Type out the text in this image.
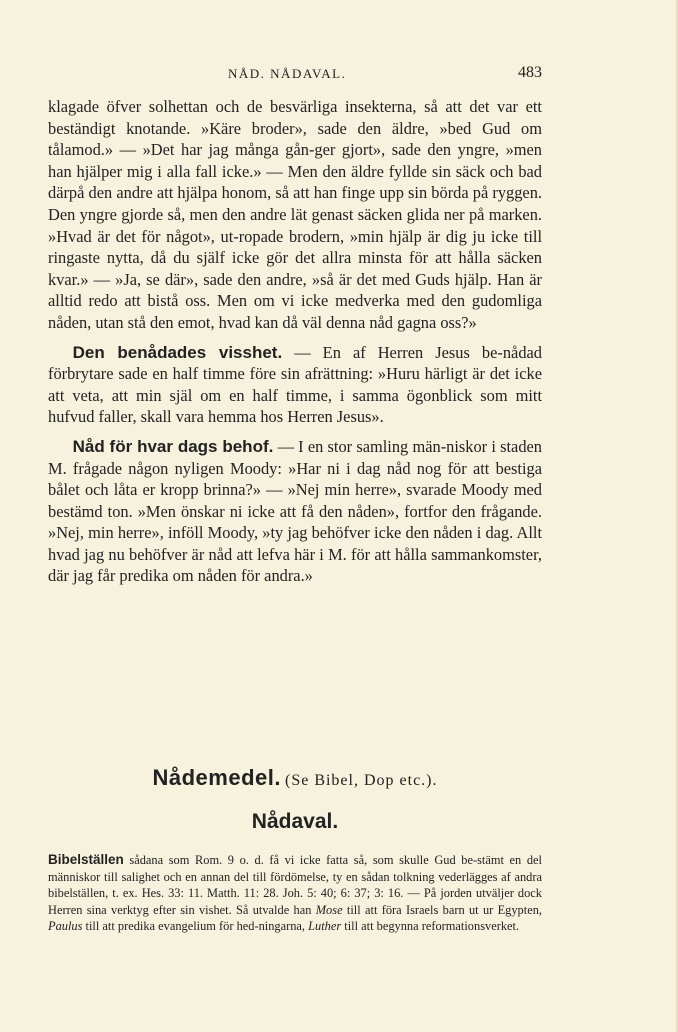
NÅD. NÅDAVAL.	483

klagade öfver solhettan och de besvärliga insekterna, så att det var ett beständigt knotande. »Käre broder», sade den äldre, »bed Gud om tålamod.» — »Det har jag många gån-ger gjort», sade den yngre, »men han hjälper mig i alla fall icke.» — Men den äldre fyllde sin säck och bad därpå den andre att hjälpa honom, så att han finge upp sin börda på ryggen. Den yngre gjorde så, men den andre lät genast säcken glida ner på marken. »Hvad är det för något», ut-ropade brodern, »min hjälp är dig ju icke till ringaste nytta, då du själf icke gör det allra minsta för att hålla säcken kvar.» — »Ja, se där», sade den andre, »så är det med Guds hjälp. Han är alltid redo att bistå oss. Men om vi icke medverka med den gudomliga nåden, utan stå den emot, hvad kan då väl denna nåd gagna oss?»

  Den benådades visshet. — En af Herren Jesus be-nådad förbrytare sade en half timme före sin afrättning: »Huru härligt är det icke att veta, att min själ om en half timme, i samma ögonblick som mitt hufvud faller, skall vara hemma hos Herren Jesus».

  Nåd för hvar dags behof. — I en stor samling män-niskor i staden M. frågade någon nyligen Moody: »Har ni i dag nåd nog för att bestiga bålet och låta er kropp brinna?» — »Nej min herre», svarade Moody med bestämd ton. »Men önskar ni icke att få den nåden», fortfor den frågande. »Nej, min herre», inföll Moody, »ty jag behöfver icke den nåden i dag. Allt hvad jag nu behöfver är nåd att lefva här i M. för att hålla sammankomster, där jag får predika om nåden för andra.»

Nådemedel. (Se Bibel, Dop etc.).
Nådaval.
Bibelställen sådana som Rom. 9 o. d. få vi icke fatta så, som skulle Gud be-stämt en del människor till salighet och en annan del till fördömelse, ty en sådan tolkning vederlägges af andra bibelställen, t. ex. Hes. 33: 11. Matth. 11: 28. Joh. 5: 40; 6: 37; 3: 16. — På jorden utväljer dock Herren sina verktyg efter sin vishet. Så utvalde han Mose till att föra Israels barn ut ur Egypten, Paulus till att predika evangelium för hed-ningarna, Luther till att begynna reformationsverket.
